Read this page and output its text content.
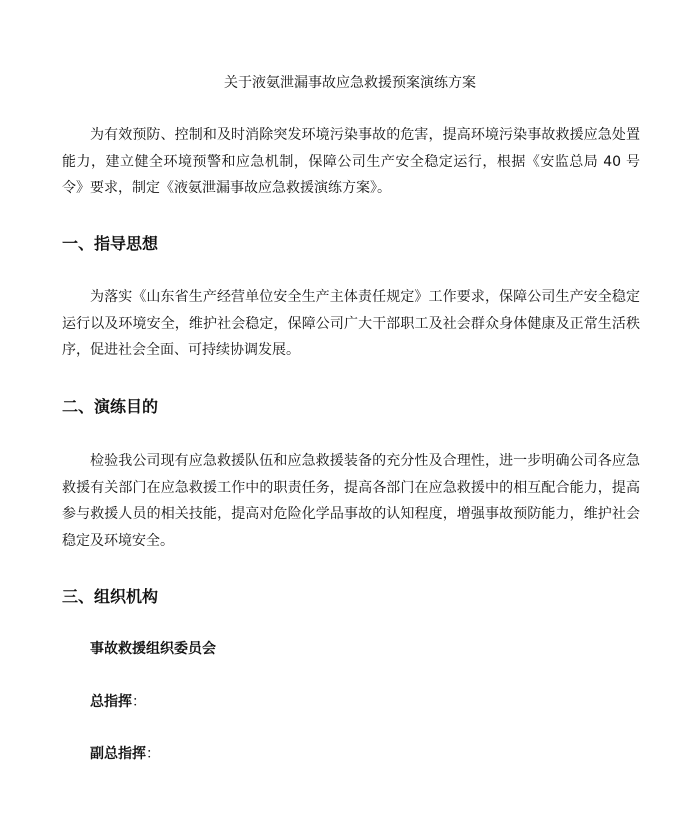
关于液氨泄漏事故应急救援预案演练方案

为有效预防、控制和及时消除突发环境污染事故的危害，提高环境污染事故救援应急处置能力，建立健全环境预警和应急机制，保障公司生产安全稳定运行，根据《安监总局 40 号令》要求，制定《液氨泄漏事故应急救援演练方案》。

一、指导思想

为落实《山东省生产经营单位安全生产主体责任规定》工作要求，保障公司生产安全稳定运行以及环境安全，维护社会稳定，保障公司广大干部职工及社会群众身体健康及正常生活秩序，促进社会全面、可持续协调发展。

二、演练目的

检验我公司现有应急救援队伍和应急救援装备的充分性及合理性，进一步明确公司各应急救援有关部门在应急救援工作中的职责任务，提高各部门在应急救援中的相互配合能力，提高参与救援人员的相关技能，提高对危险化学品事故的认知程度，增强事故预防能力，维护社会稳定及环境安全。

三、组织机构
事故救援组织委员会
总指挥：
副总指挥：
